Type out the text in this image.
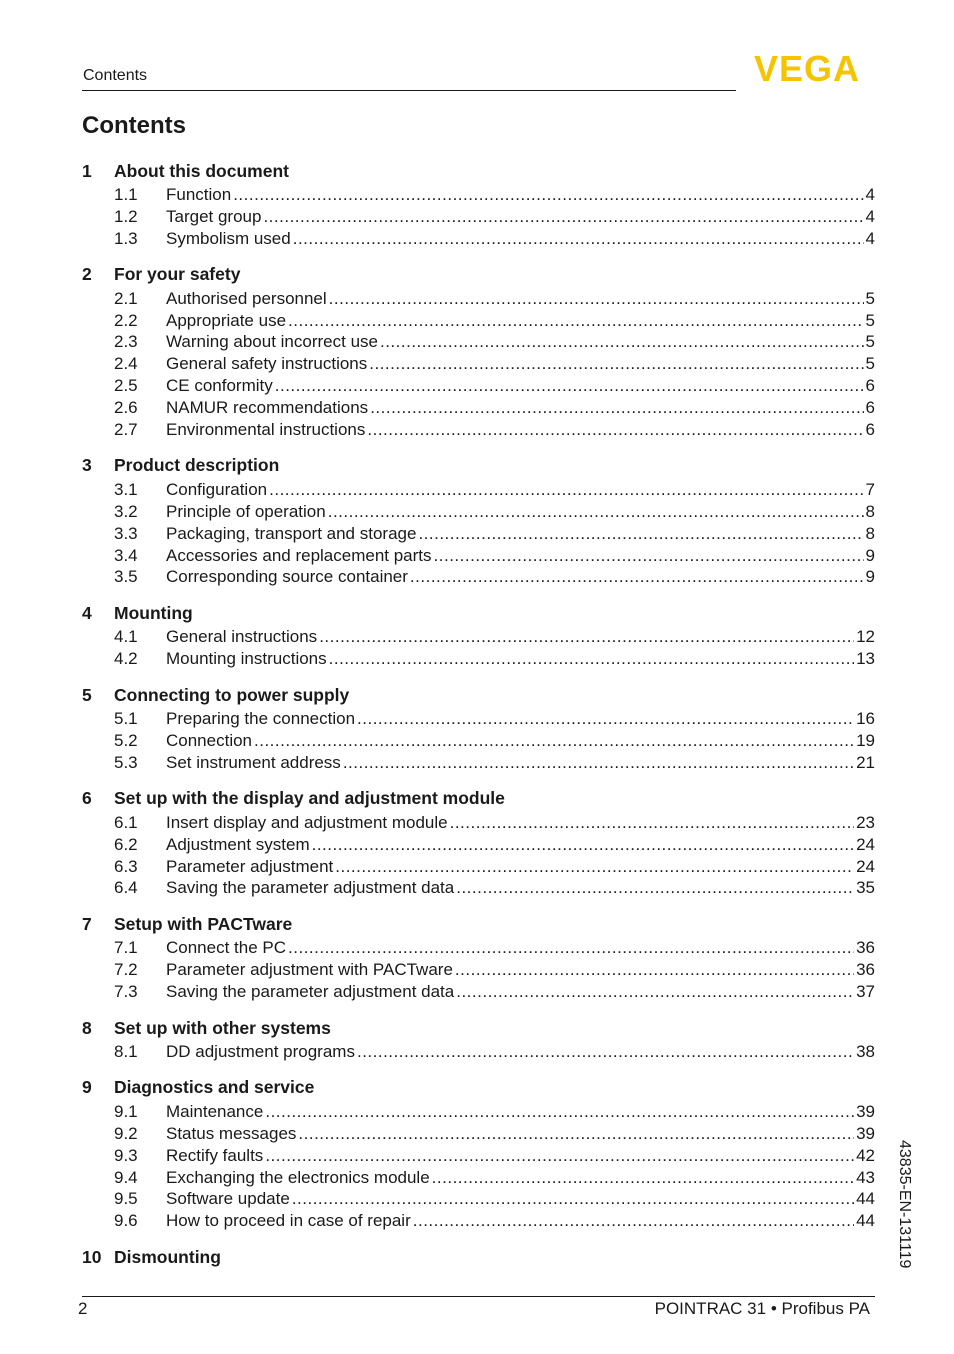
Contents	VEGA
Contents
1	About this document
1.1	Function .....	4
1.2	Target group .....	4
1.3	Symbolism used .....	4
2	For your safety
2.1	Authorised personnel .....	5
2.2	Appropriate use .....	5
2.3	Warning about incorrect use .....	5
2.4	General safety instructions .....	5
2.5	CE conformity .....	6
2.6	NAMUR recommendations .....	6
2.7	Environmental instructions .....	6
3	Product description
3.1	Configuration .....	7
3.2	Principle of operation .....	8
3.3	Packaging, transport and storage .....	8
3.4	Accessories and replacement parts .....	9
3.5	Corresponding source container .....	9
4	Mounting
4.1	General instructions .....	12
4.2	Mounting instructions .....	13
5	Connecting to power supply
5.1	Preparing the connection .....	16
5.2	Connection .....	19
5.3	Set instrument address .....	21
6	Set up with the display and adjustment module
6.1	Insert display and adjustment module .....	23
6.2	Adjustment system .....	24
6.3	Parameter adjustment .....	24
6.4	Saving the parameter adjustment data .....	35
7	Setup with PACTware
7.1	Connect the PC .....	36
7.2	Parameter adjustment with PACTware .....	36
7.3	Saving the parameter adjustment data .....	37
8	Set up with other systems
8.1	DD adjustment programs .....	38
9	Diagnostics and service
9.1	Maintenance .....	39
9.2	Status messages .....	39
9.3	Rectify faults .....	42
9.4	Exchanging the electronics module .....	43
9.5	Software update .....	44
9.6	How to proceed in case of repair .....	44
10 Dismounting	43835-EN-131119
2	POINTRAC 31 • Profibus PA
